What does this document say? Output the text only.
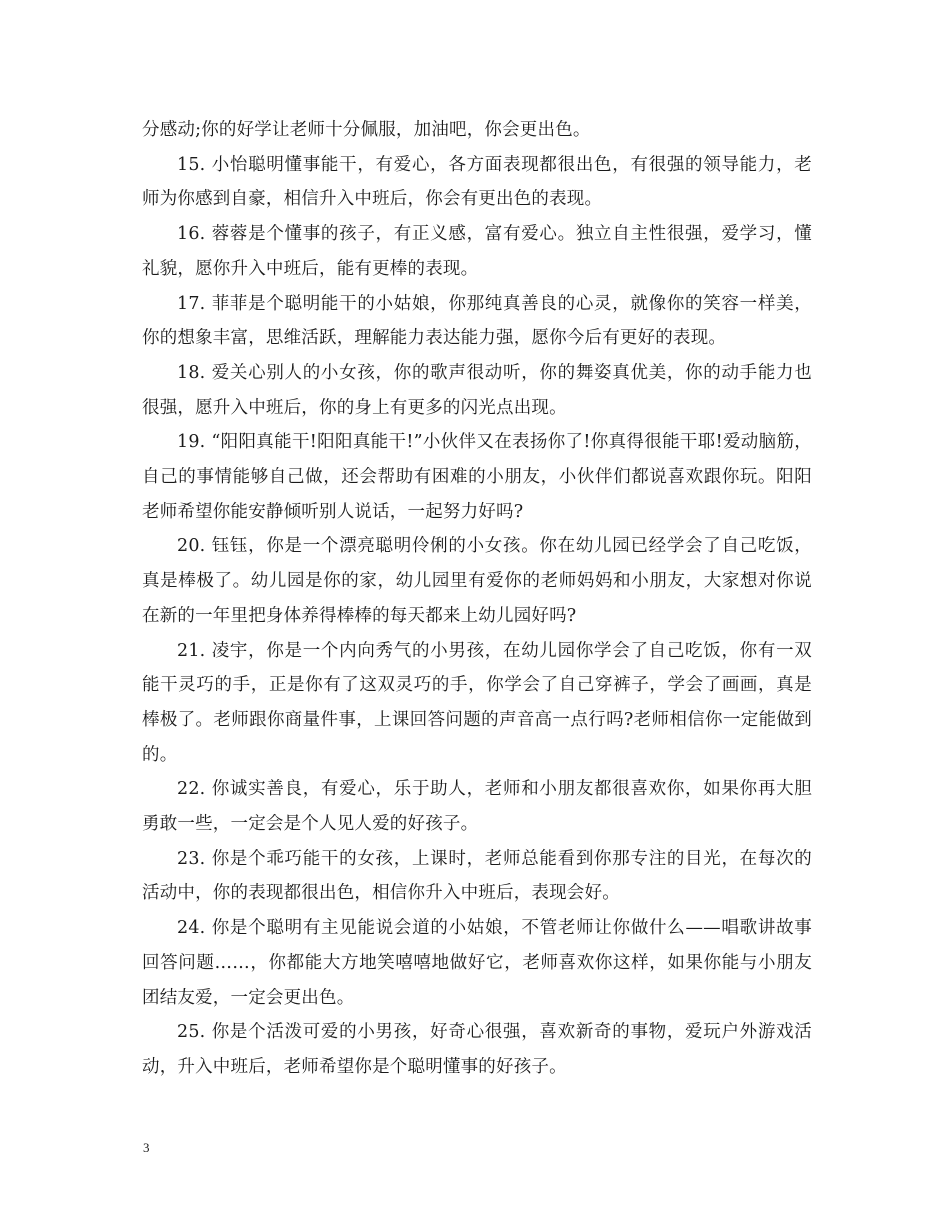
分感动;你的好学让老师十分佩服，加油吧，你会更出色。

15. 小怡聪明懂事能干，有爱心，各方面表现都很出色，有很强的领导能力，老师为你感到自豪，相信升入中班后，你会有更出色的表现。

16. 蓉蓉是个懂事的孩子，有正义感，富有爱心。独立自主性很强，爱学习，懂礼貌，愿你升入中班后，能有更棒的表现。

17. 菲菲是个聪明能干的小姑娘，你那纯真善良的心灵，就像你的笑容一样美，你的想象丰富，思维活跃，理解能力表达能力强，愿你今后有更好的表现。

18. 爱关心别人的小女孩，你的歌声很动听，你的舞姿真优美，你的动手能力也很强，愿升入中班后，你的身上有更多的闪光点出现。

19. “阳阳真能干!阳阳真能干!”小伙伴又在表扬你了!你真得很能干耶!爱动脑筋，自己的事情能够自己做，还会帮助有困难的小朋友，小伙伴们都说喜欢跟你玩。阳阳老师希望你能安静倾听别人说话，一起努力好吗?

20. 钰钰，你是一个漂亮聪明伶俐的小女孩。你在幼儿园已经学会了自己吃饭，真是棒极了。幼儿园是你的家，幼儿园里有爱你的老师妈妈和小朋友，大家想对你说在新的一年里把身体养得棒棒的每天都来上幼儿园好吗?

21. 凌宇，你是一个内向秀气的小男孩，在幼儿园你学会了自己吃饭，你有一双能干灵巧的手，正是你有了这双灵巧的手，你学会了自己穿裤子，学会了画画，真是棒极了。老师跟你商量件事，上课回答问题的声音高一点行吗?老师相信你一定能做到的。

22. 你诚实善良，有爱心，乐于助人，老师和小朋友都很喜欢你，如果你再大胆勇敢一些，一定会是个人见人爱的好孩子。

23. 你是个乖巧能干的女孩，上课时，老师总能看到你那专注的目光，在每次的活动中，你的表现都很出色，相信你升入中班后，表现会好。

24. 你是个聪明有主见能说会道的小姑娘，不管老师让你做什么——唱歌讲故事回答问题……，你都能大方地笑嘻嘻地做好它，老师喜欢你这样，如果你能与小朋友团结友爱，一定会更出色。

25. 你是个活泼可爱的小男孩，好奇心很强，喜欢新奇的事物，爱玩户外游戏活动，升入中班后，老师希望你是个聪明懂事的好孩子。

3
